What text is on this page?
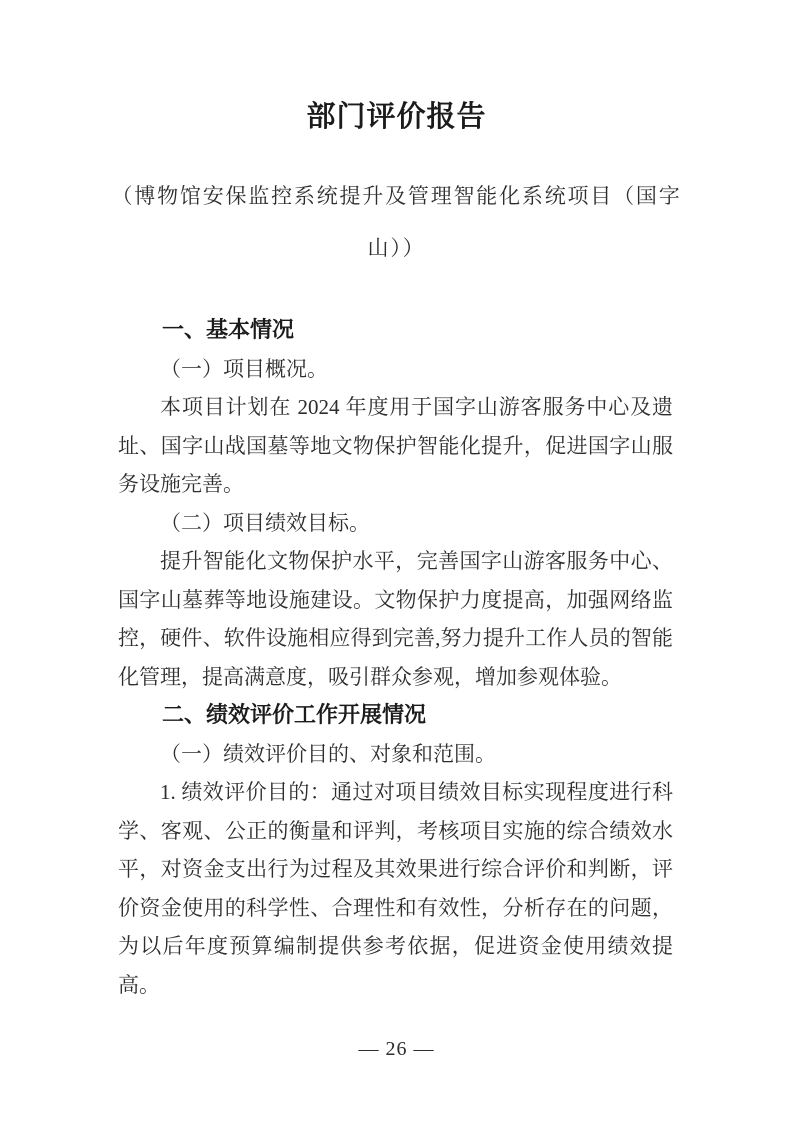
部门评价报告
（博物馆安保监控系统提升及管理智能化系统项目（国字山））
一、基本情况
（一）项目概况。

本项目计划在 2024 年度用于国字山游客服务中心及遗址、国字山战国墓等地文物保护智能化提升，促进国字山服务设施完善。

（二）项目绩效目标。

提升智能化文物保护水平，完善国字山游客服务中心、国字山墓葬等地设施建设。文物保护力度提高，加强网络监控，硬件、软件设施相应得到完善,努力提升工作人员的智能化管理，提高满意度，吸引群众参观，增加参观体验。

二、绩效评价工作开展情况
（一）绩效评价目的、对象和范围。

1. 绩效评价目的：通过对项目绩效目标实现程度进行科学、客观、公正的衡量和评判，考核项目实施的综合绩效水平，对资金支出行为过程及其效果进行综合评价和判断，评价资金使用的科学性、合理性和有效性，分析存在的问题，为以后年度预算编制提供参考依据，促进资金使用绩效提高。

— 26 —
